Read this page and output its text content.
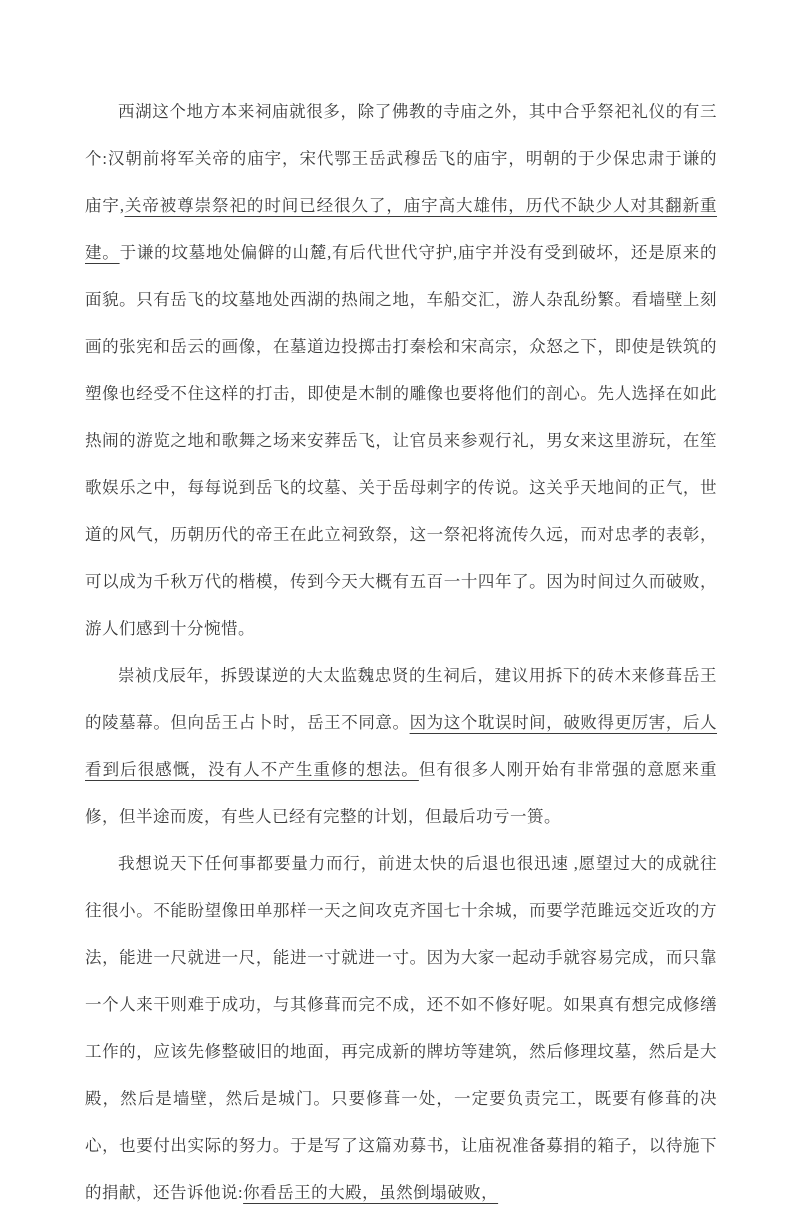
西湖这个地方本来祠庙就很多，除了佛教的寺庙之外，其中合乎祭祀礼仪的有三个:汉朝前将军关帝的庙宇，宋代鄂王岳武穆岳飞的庙宇，明朝的于少保忠肃于谦的庙宇,关帝被尊崇祭祀的时间已经很久了，庙宇高大雄伟，历代不缺少人对其翻新重建。于谦的坟墓地处偏僻的山麓,有后代世代守护,庙宇并没有受到破坏，还是原来的面貌。只有岳飞的坟墓地处西湖的热闹之地，车船交汇，游人杂乱纷繁。看墙壁上刻画的张宪和岳云的画像，在墓道边投掷击打秦桧和宋高宗，众怒之下，即使是铁筑的塑像也经受不住这样的打击，即使是木制的雕像也要将他们的剖心。先人选择在如此热闹的游览之地和歌舞之场来安葬岳飞，让官员来参观行礼，男女来这里游玩，在笙歌娱乐之中，每每说到岳飞的坟墓、关于岳母刺字的传说。这关乎天地间的正气，世道的风气，历朝历代的帝王在此立祠致祭，这一祭祀将流传久远，而对忠孝的表彰，可以成为千秋万代的楷模，传到今天大概有五百一十四年了。因为时间过久而破败，游人们感到十分惋惜。

崇祯戊辰年，拆毁谋逆的大太监魏忠贤的生祠后，建议用拆下的砖木来修葺岳王的陵墓幕。但向岳王占卜时，岳王不同意。因为这个耽误时间，破败得更厉害，后人看到后很感慨，没有人不产生重修的想法。但有很多人刚开始有非常强的意愿来重修，但半途而废，有些人已经有完整的计划，但最后功亏一篑。

我想说天下任何事都要量力而行，前进太快的后退也很迅速 ,愿望过大的成就往往很小。不能盼望像田单那样一天之间攻克齐国七十余城，而要学范雎远交近攻的方法，能进一尺就进一尺，能进一寸就进一寸。因为大家一起动手就容易完成，而只靠一个人来干则难于成功，与其修葺而完不成，还不如不修好呢。如果真有想完成修缮工作的，应该先修整破旧的地面，再完成新的牌坊等建筑，然后修理坟墓，然后是大殿，然后是墙壁，然后是城门。只要修葺一处，一定要负责完工，既要有修葺的决心，也要付出实际的努力。于是写了这篇劝募书，让庙祝准备募捐的箱子，以待施下的捐献，还告诉他说:你看岳王的大殿，虽然倒塌破败，
